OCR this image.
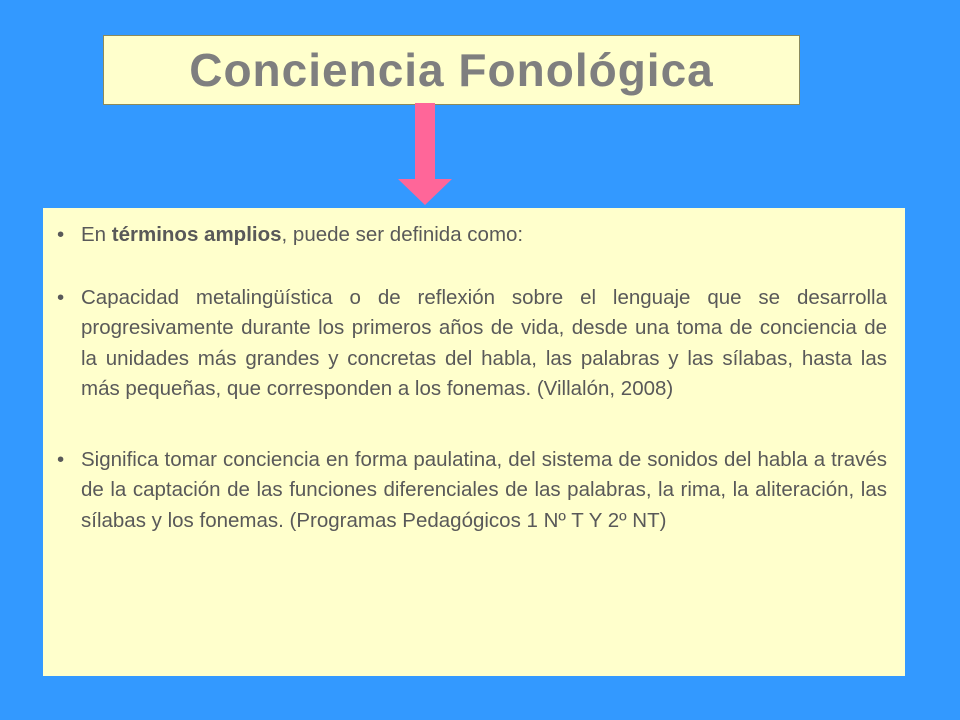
Conciencia Fonológica
• En términos amplios, puede ser definida como:
• Capacidad metalingüística o de reflexión sobre el lenguaje que se desarrolla progresivamente durante los primeros años de vida, desde una toma de conciencia de la unidades más grandes y concretas del habla, las palabras y las sílabas, hasta las más pequeñas, que corresponden a los fonemas. (Villalón, 2008)
• Significa tomar conciencia en forma paulatina, del sistema de sonidos del habla a través de la captación de las funciones diferenciales de las palabras, la rima, la aliteración, las sílabas y los fonemas. (Programas Pedagógicos 1 Nº T Y 2º NT)
